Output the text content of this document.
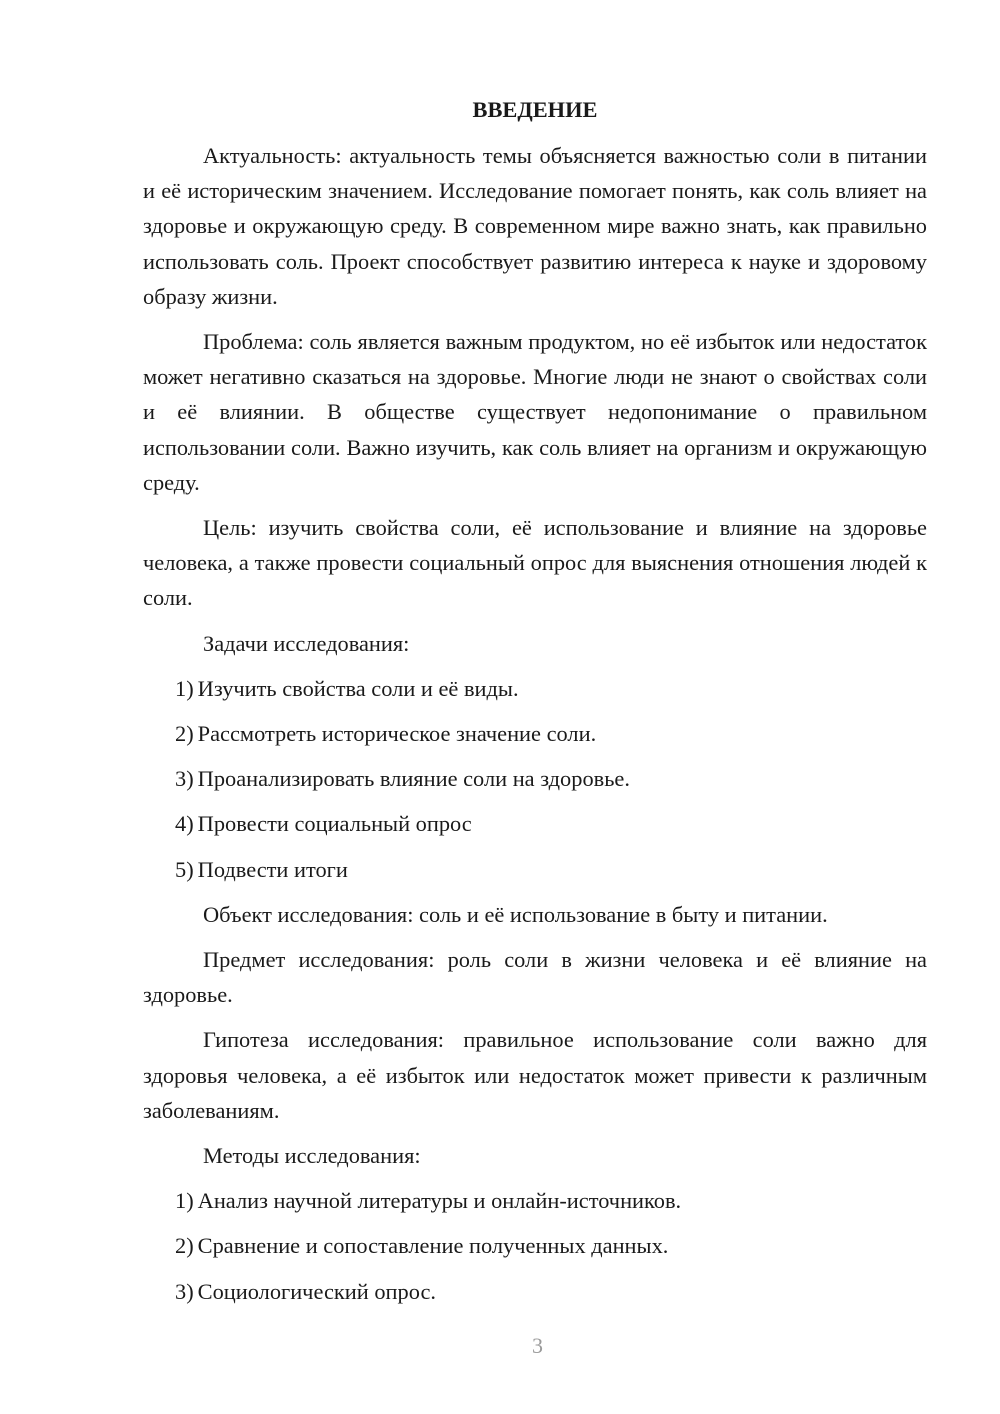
ВВЕДЕНИЕ

Актуальность: актуальность темы объясняется важностью соли в питании и её историческим значением. Исследование помогает понять, как соль влияет на здоровье и окружающую среду. В современном мире важно знать, как правильно использовать соль. Проект способствует развитию интереса к науке и здоровому образу жизни.

Проблема: соль является важным продуктом, но её избыток или недостаток может негативно сказаться на здоровье. Многие люди не знают о свойствах соли и её влиянии. В обществе существует недопонимание о правильном использовании соли. Важно изучить, как соль влияет на организм и окружающую среду.

Цель: изучить свойства соли, её использование и влияние на здоровье человека, а также провести социальный опрос для выяснения отношения людей к соли.

Задачи исследования:
1) Изучить свойства соли и её виды.
2) Рассмотреть историческое значение соли.
3) Проанализировать влияние соли на здоровье.
4) Провести социальный опрос
5) Подвести итоги

Объект исследования: соль и её использование в быту и питании.

Предмет исследования: роль соли в жизни человека и её влияние на здоровье.

Гипотеза исследования: правильное использование соли важно для здоровья человека, а её избыток или недостаток может привести к различным заболеваниям.

Методы исследования:
1) Анализ научной литературы и онлайн-источников.
2) Сравнение и сопоставление полученных данных.
3) Социологический опрос.
3
